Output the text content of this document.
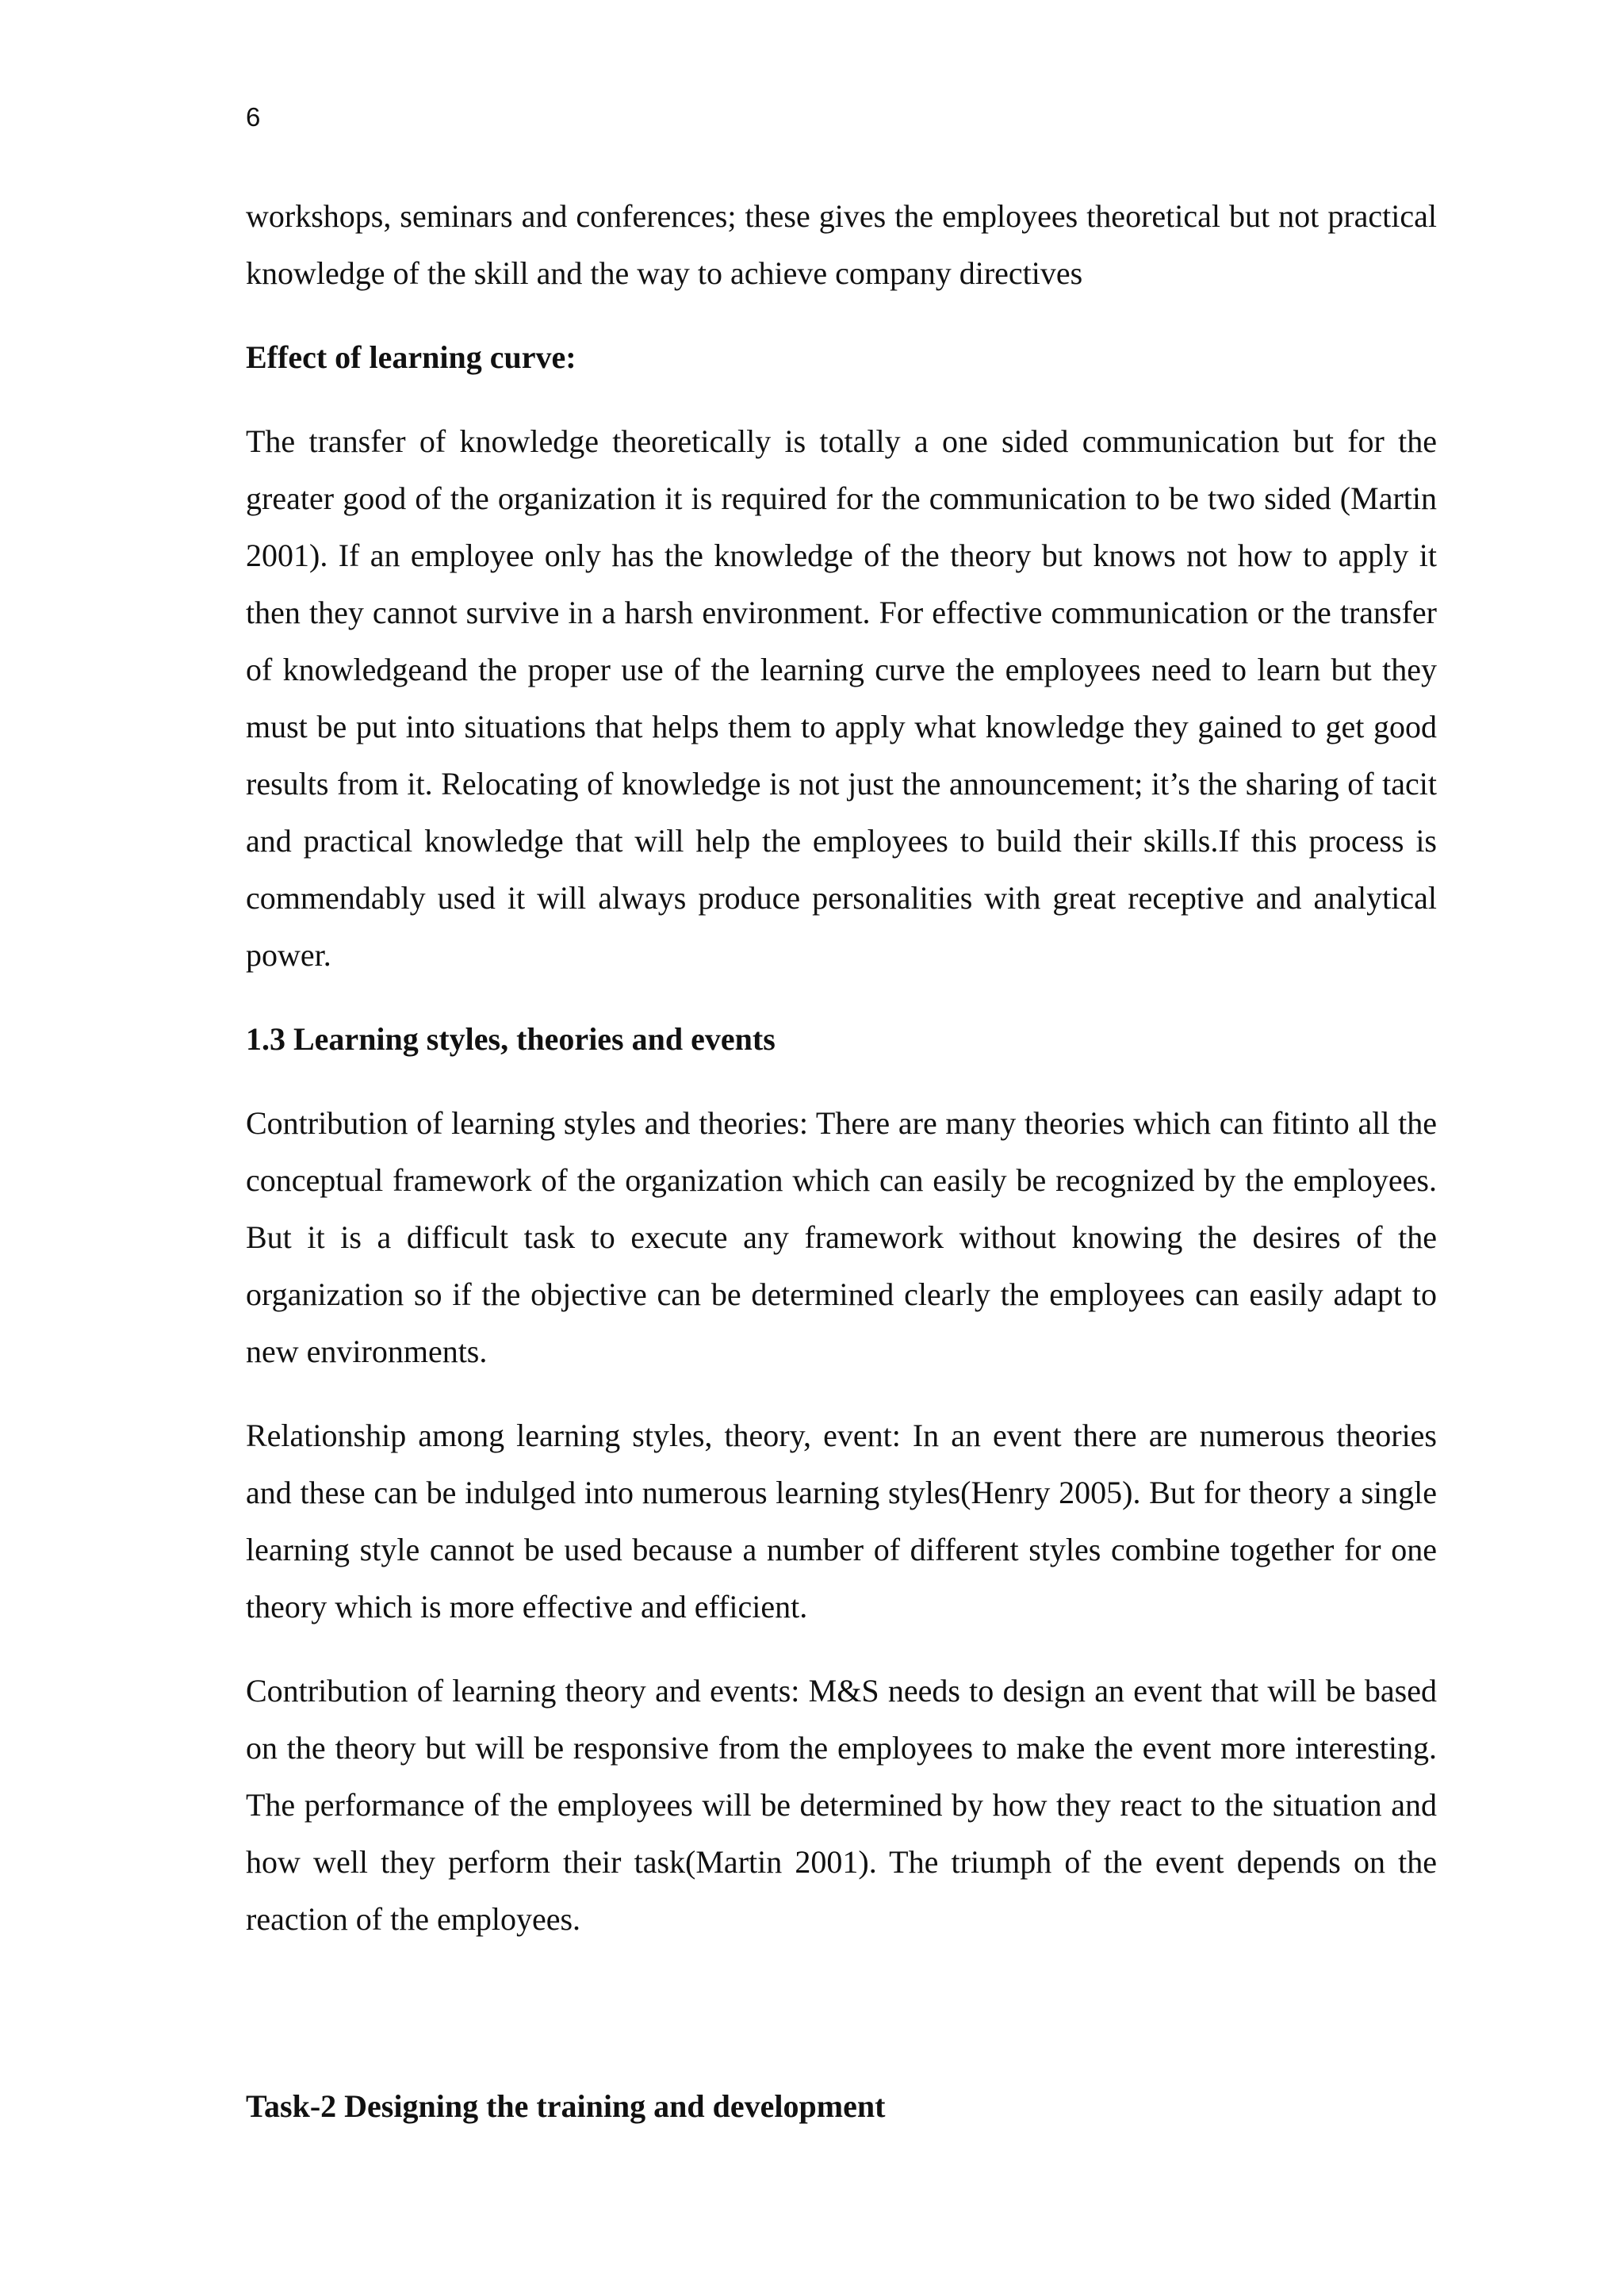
6

workshops, seminars and conferences; these gives the employees theoretical but not practical knowledge of the skill and the way to achieve company directives

Effect of learning curve:

The transfer of knowledge theoretically is totally a one sided communication but for the greater good of the organization it is required for the communication to be two sided (Martin 2001). If an employee only has the knowledge of the theory but knows not how to apply it then they cannot survive in a harsh environment. For effective communication or the transfer of knowledgeand the proper use of the learning curve the employees need to learn but they must be put into situations that helps them to apply what knowledge they gained to get good results from it. Relocating of knowledge is not just the announcement; it’s the sharing of tacit and practical knowledge that will help the employees to build their skills.If this process is commendably used it will always produce personalities with great receptive and analytical power.

1.3 Learning styles, theories and events

Contribution of learning styles and theories: There are many theories which can fitinto all the conceptual framework of the organization which can easily be recognized by the employees. But it is a difficult task to execute any framework without knowing the desires of the organization so if the objective can be determined clearly the employees can easily adapt to new environments.

Relationship among learning styles, theory, event: In an event there are numerous theories and these can be indulged into numerous learning styles(Henry 2005). But for theory a single learning style cannot be used because a number of different styles combine together for one theory which is more effective and efficient.

Contribution of learning theory and events: M&S needs to design an event that will be based on the theory but will be responsive from the employees to make the event more interesting. The performance of the employees will be determined by how they react to the situation and how well they perform their task(Martin 2001). The triumph of the event depends on the reaction of the employees.

Task-2 Designing the training and development
